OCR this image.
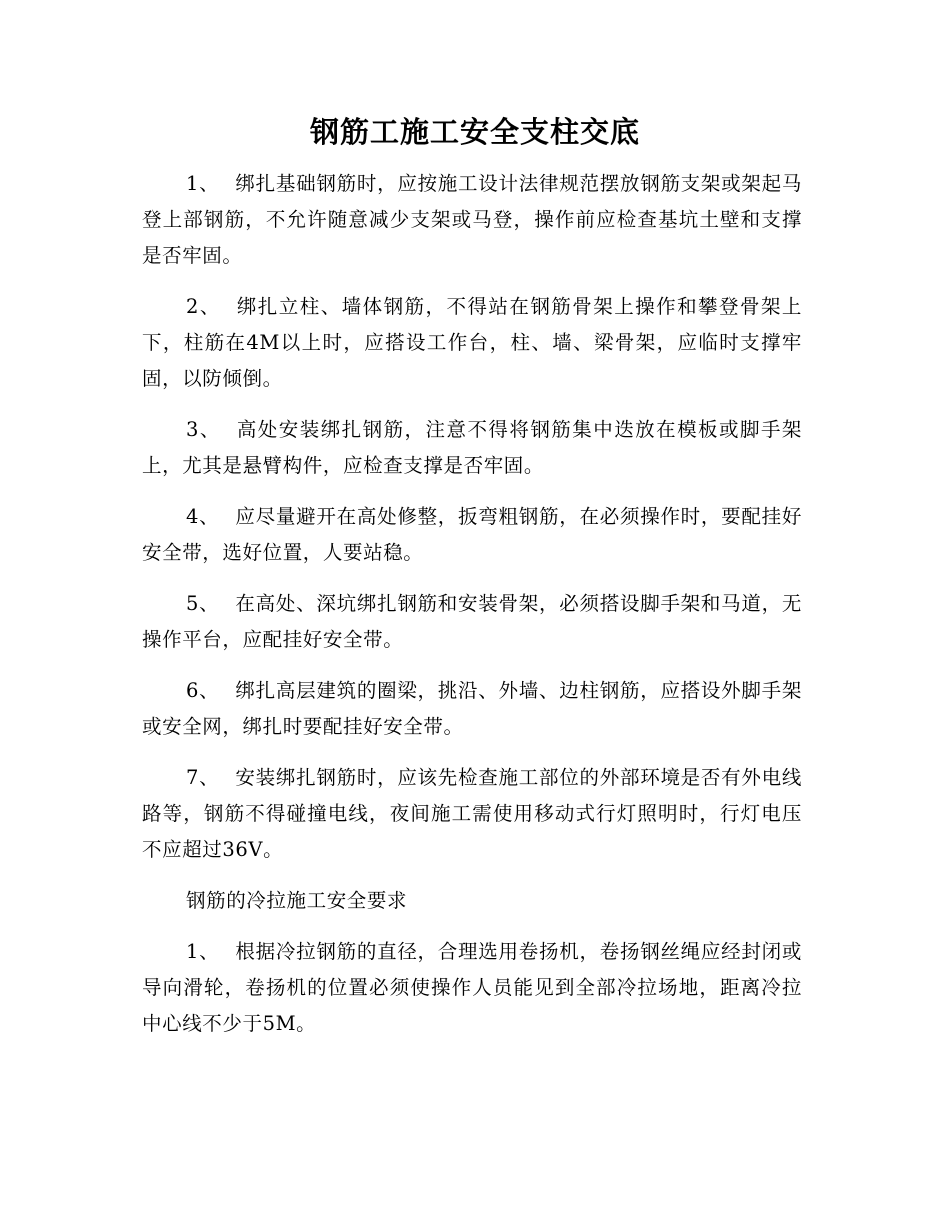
钢筋工施工安全支柱交底

1、 绑扎基础钢筋时，应按施工设计法律规范摆放钢筋支架或架起马登上部钢筋，不允许随意减少支架或马登，操作前应检查基坑土壁和支撑是否牢固。

2、 绑扎立柱、墙体钢筋，不得站在钢筋骨架上操作和攀登骨架上下，柱筋在4M以上时，应搭设工作台，柱、墙、梁骨架，应临时支撑牢固，以防倾倒。

3、 高处安装绑扎钢筋，注意不得将钢筋集中迭放在模板或脚手架上，尤其是悬臂构件，应检查支撑是否牢固。

4、 应尽量避开在高处修整，扳弯粗钢筋，在必须操作时，要配挂好安全带，选好位置，人要站稳。

5、 在高处、深坑绑扎钢筋和安装骨架，必须搭设脚手架和马道，无操作平台，应配挂好安全带。

6、 绑扎高层建筑的圈梁，挑沿、外墙、边柱钢筋，应搭设外脚手架或安全网，绑扎时要配挂好安全带。

7、 安装绑扎钢筋时，应该先检查施工部位的外部环境是否有外电线路等，钢筋不得碰撞电线，夜间施工需使用移动式行灯照明时，行灯电压不应超过36V。

钢筋的冷拉施工安全要求

1、 根据冷拉钢筋的直径，合理选用卷扬机，卷扬钢丝绳应经封闭或导向滑轮，卷扬机的位置必须使操作人员能见到全部冷拉场地，距离冷拉中心线不少于5M。
